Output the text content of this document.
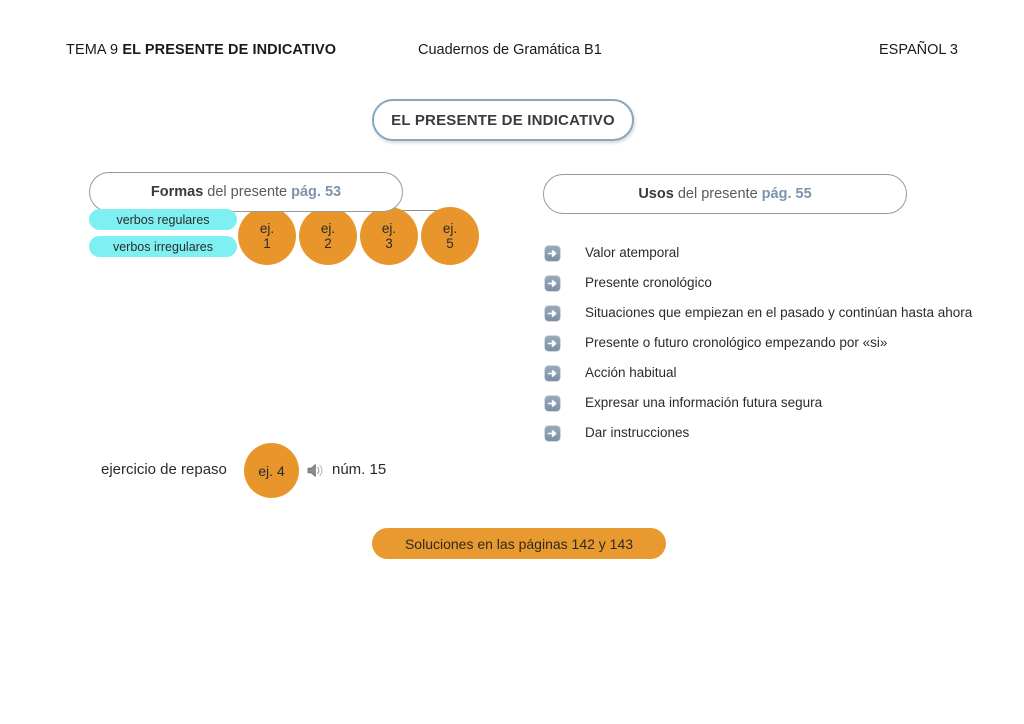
TEMA 9 EL PRESENTE DE INDICATIVO	Cuadernos de Gramática B1	ESPAÑOL 3
EL PRESENTE DE INDICATIVO
Formas del presente pág. 53
verbos regulares
verbos irregulares
ej.
1
ej.
2
ej.
3
ej.
5
Usos del presente pág. 55
Valor atemporal
Presente cronológico
Situaciones que empiezan en el pasado y continúan hasta ahora
Presente o futuro cronológico empezando por «si»
Acción habitual
Expresar una información futura segura
Dar instrucciones
ejercicio de repaso ej. 4	núm. 15
Soluciones en las páginas 142 y 143
